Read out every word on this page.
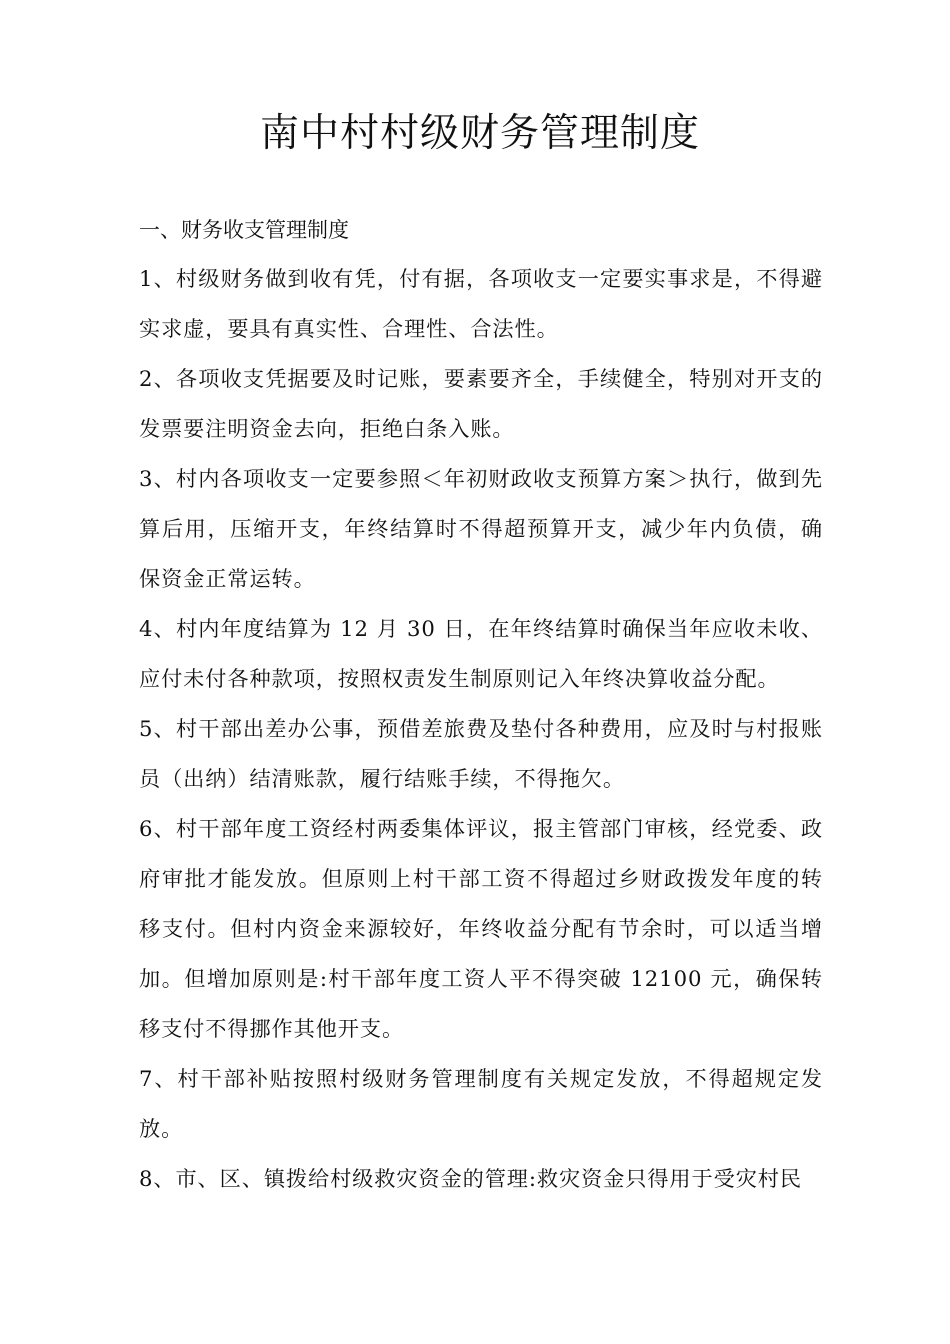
南中村村级财务管理制度
一、财务收支管理制度

1、村级财务做到收有凭，付有据，各项收支一定要实事求是，不得避实求虚，要具有真实性、合理性、合法性。

2、各项收支凭据要及时记账，要素要齐全，手续健全，特别对开支的发票要注明资金去向，拒绝白条入账。

3、村内各项收支一定要参照＜年初财政收支预算方案＞执行，做到先算后用，压缩开支，年终结算时不得超预算开支，减少年内负债，确保资金正常运转。

4、村内年度结算为 12 月 30 日，在年终结算时确保当年应收未收、应付未付各种款项，按照权责发生制原则记入年终决算收益分配。

5、村干部出差办公事，预借差旅费及垫付各种费用，应及时与村报账员（出纳）结清账款，履行结账手续，不得拖欠。

6、村干部年度工资经村两委集体评议，报主管部门审核，经党委、政府审批才能发放。但原则上村干部工资不得超过乡财政拨发年度的转移支付。但村内资金来源较好，年终收益分配有节余时，可以适当增加。但增加原则是:村干部年度工资人平不得突破 12100 元，确保转移支付不得挪作其他开支。

7、村干部补贴按照村级财务管理制度有关规定发放，不得超规定发放。

8、市、区、镇拨给村级救灾资金的管理:救灾资金只得用于受灾村民
